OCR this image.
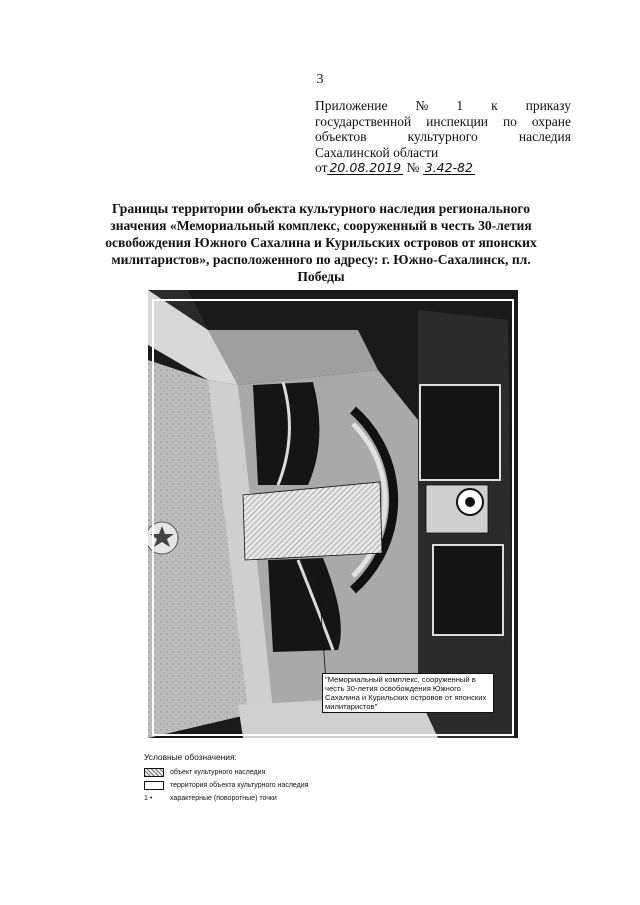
3
Приложение № 1 к приказу
государственной инспекции по охране
объектов	культурного	наследия
Сахалинской области
от 20.08.2019 № 3.42-82
Границы территории объекта культурного наследия регионального значения «Мемориальный комплекс, сооруженный в честь 30-летия освобождения Южного Сахалина и Курильских островов от японских милитаристов», расположенного по адресу: г. Южно-Сахалинск, пл. Победы
"Мемориальный комплекс, сооруженный в честь 30-летия освобождения Южного Сахалина и Курильских островов от японских милитаристов"
Условные обозначения:
объект культурного наследия
территория объекта культурного наследия
1 •	характерные (поворотные) точки
